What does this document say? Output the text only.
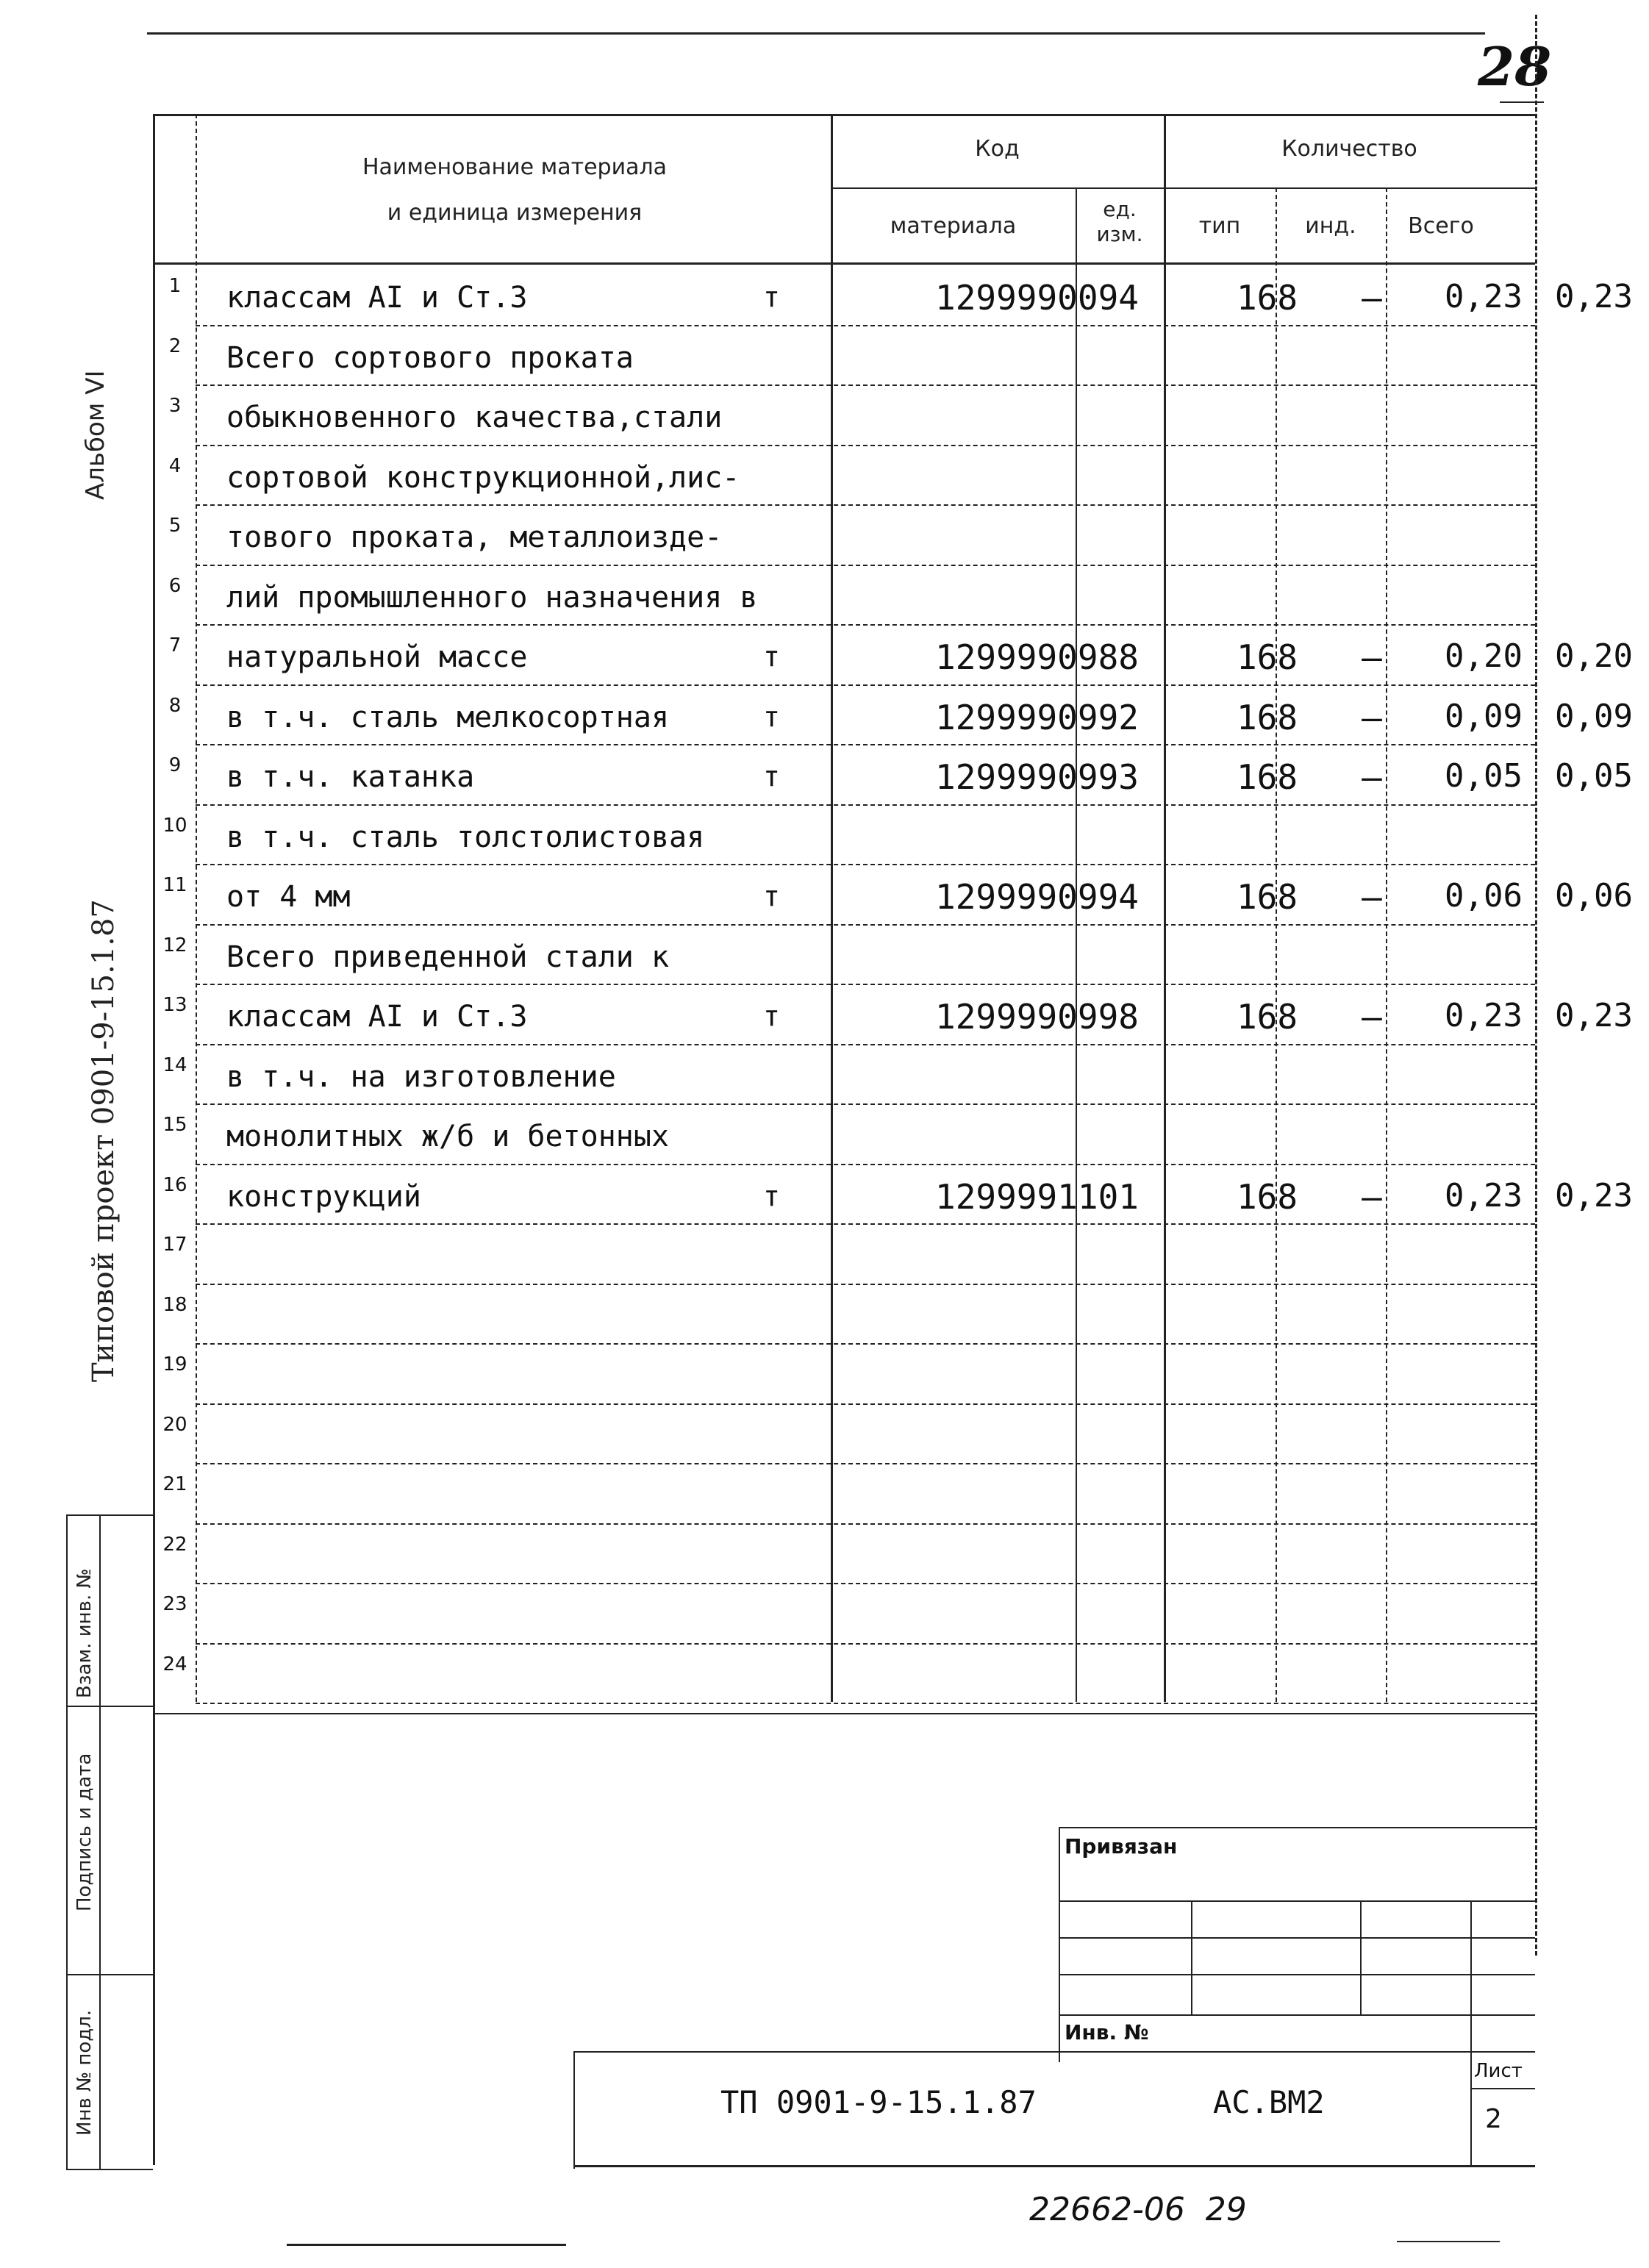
28
Наименование материала
и единица измерения
Код
материала
ед. изм.
Количество
тип	инд.	Всего
1	классам АI и Ст.3	т	1299990094	168	–	0,23	0,23
2	Всего сортового проката
3	обыкновенного качества,стали
4	сортовой конструкционной,лис-
5	тового проката, металлоизде-
6	лий промышленного назначения в
7	натуральной массе	т	1299990988	168	–	0,20	0,20
8	в т.ч. сталь мелкосортная	т	1299990992	168	–	0,09	0,09
9	в т.ч. катанка	т	1299990993	168	–	0,05	0,05
10	в т.ч. сталь толстолистовая
11	от 4 мм	т	1299990994	168	–	0,06	0,06
12	Всего приведенной стали к
13	классам АI и Ст.3	т	1299990998	168	–	0,23	0,23
14	в т.ч. на изготовление
15	монолитных ж/б и бетонных
16	конструкций	т	1299991101	168	–	0,23	0,23
17
18
19
20
21
22
23
24
Альбом VI
Типовой проект 0901-9-15.1.87
Взам. инв. №
Подпись и дата
Инв № подл.
Привязан
Инв. №
ТП 0901-9-15.1.87	АС.ВМ2
Лист
2
22662-06  29
